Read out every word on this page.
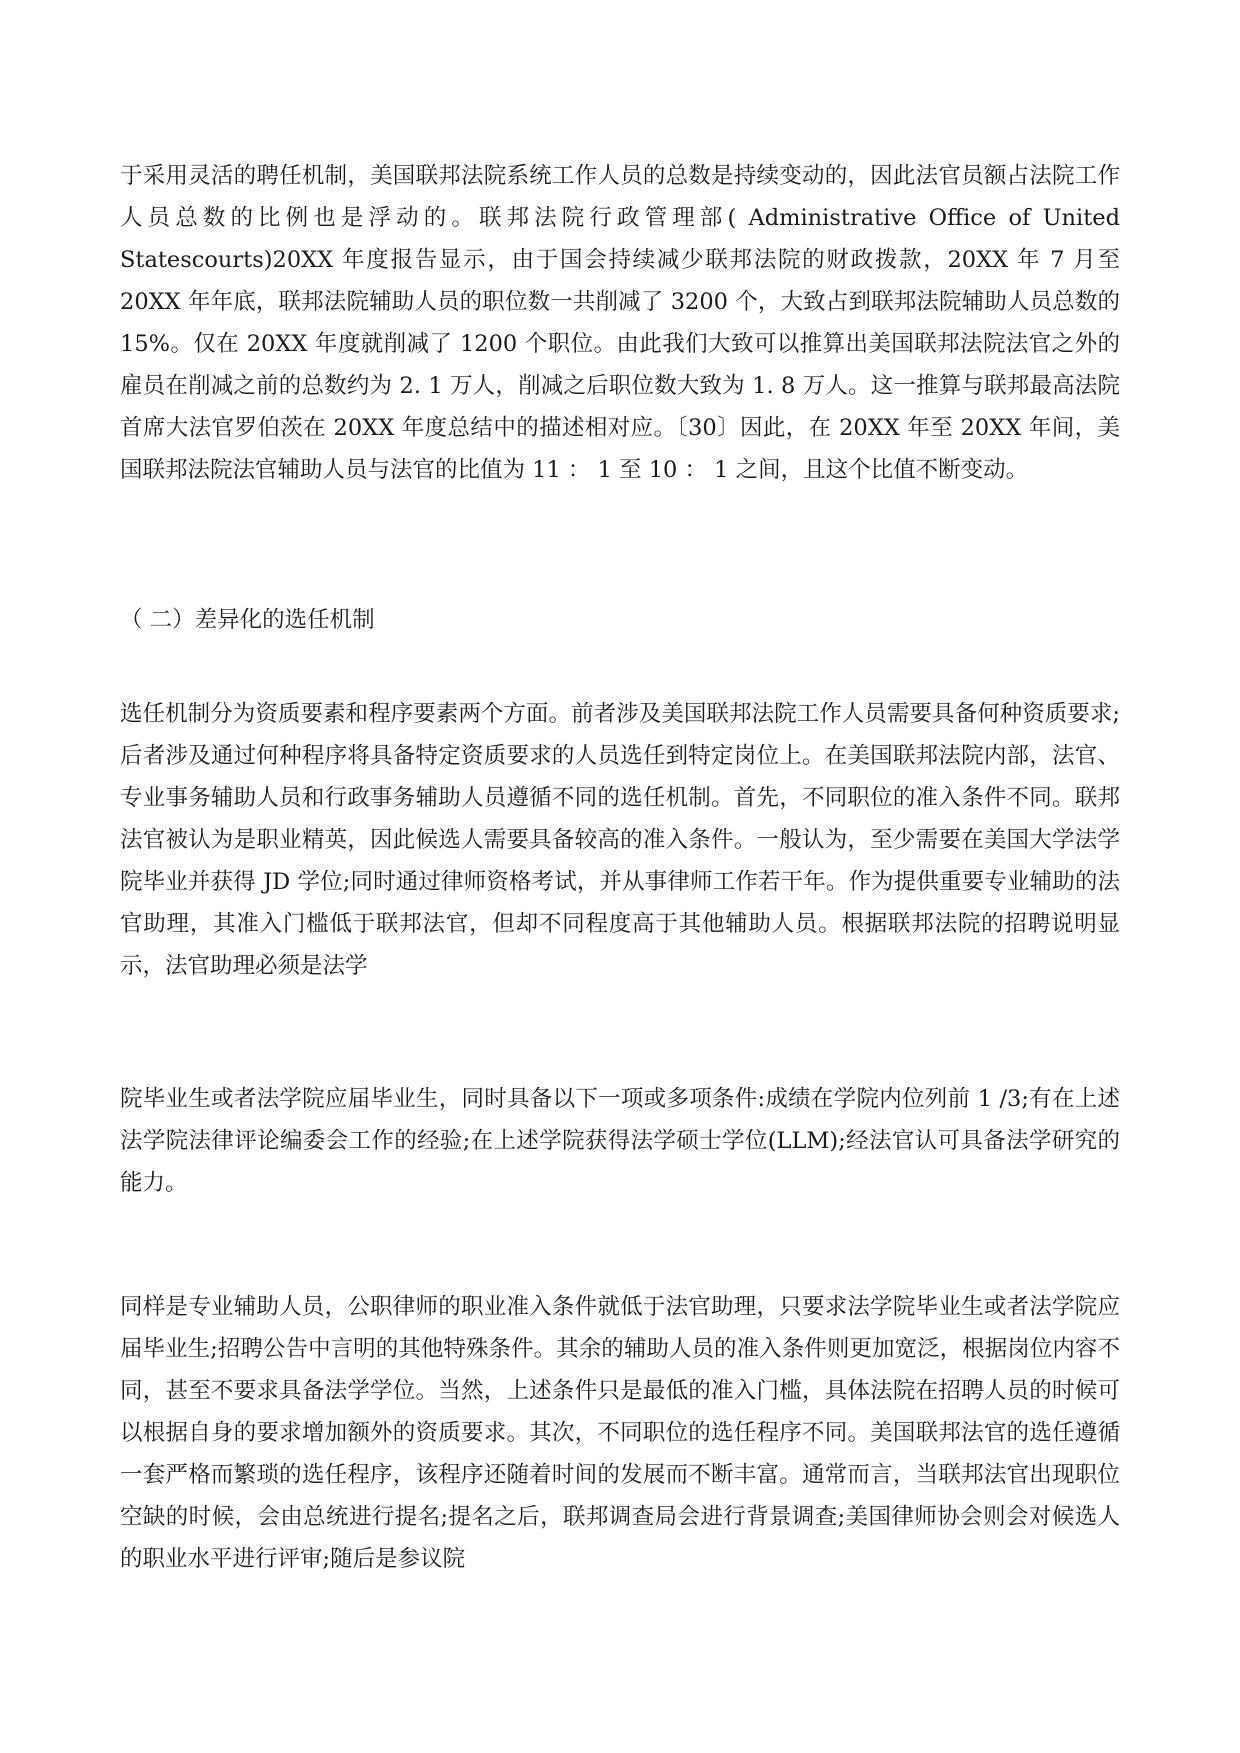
于采用灵活的聘任机制，美国联邦法院系统工作人员的总数是持续变动的，因此法官员额占法院工作人员总数的比例也是浮动的。联邦法院行政管理部( Administrative Office of United Statescourts)20XX 年度报告显示，由于国会持续减少联邦法院的财政拨款，20XX 年 7 月至 20XX 年年底，联邦法院辅助人员的职位数一共削减了 3200 个，大致占到联邦法院辅助人员总数的 15%。仅在 20XX 年度就削减了 1200 个职位。由此我们大致可以推算出美国联邦法院法官之外的雇员在削减之前的总数约为 2. 1 万人，削减之后职位数大致为 1. 8 万人。这一推算与联邦最高法院首席大法官罗伯茨在 20XX 年度总结中的描述相对应。〔30〕因此，在 20XX 年至 20XX 年间，美国联邦法院法官辅助人员与法官的比值为 11 ： 1 至 10 ： 1 之间，且这个比值不断变动。

（ 二）差异化的选任机制

选任机制分为资质要素和程序要素两个方面。前者涉及美国联邦法院工作人员需要具备何种资质要求;后者涉及通过何种程序将具备特定资质要求的人员选任到特定岗位上。在美国联邦法院内部，法官、专业事务辅助人员和行政事务辅助人员遵循不同的选任机制。首先，不同职位的准入条件不同。联邦法官被认为是职业精英，因此候选人需要具备较高的准入条件。一般认为，至少需要在美国大学法学院毕业并获得 JD 学位;同时通过律师资格考试，并从事律师工作若干年。作为提供重要专业辅助的法官助理，其准入门槛低于联邦法官，但却不同程度高于其他辅助人员。根据联邦法院的招聘说明显示，法官助理必须是法学

院毕业生或者法学院应届毕业生，同时具备以下一项或多项条件:成绩在学院内位列前 1 /3;有在上述法学院法律评论编委会工作的经验;在上述学院获得法学硕士学位(LLM);经法官认可具备法学研究的能力。

同样是专业辅助人员，公职律师的职业准入条件就低于法官助理，只要求法学院毕业生或者法学院应届毕业生;招聘公告中言明的其他特殊条件。其余的辅助人员的准入条件则更加宽泛，根据岗位内容不同，甚至不要求具备法学学位。当然，上述条件只是最低的准入门槛，具体法院在招聘人员的时候可以根据自身的要求增加额外的资质要求。其次，不同职位的选任程序不同。美国联邦法官的选任遵循一套严格而繁琐的选任程序，该程序还随着时间的发展而不断丰富。通常而言，当联邦法官出现职位空缺的时候，会由总统进行提名;提名之后，联邦调查局会进行背景调查;美国律师协会则会对候选人的职业水平进行评审;随后是参议院
